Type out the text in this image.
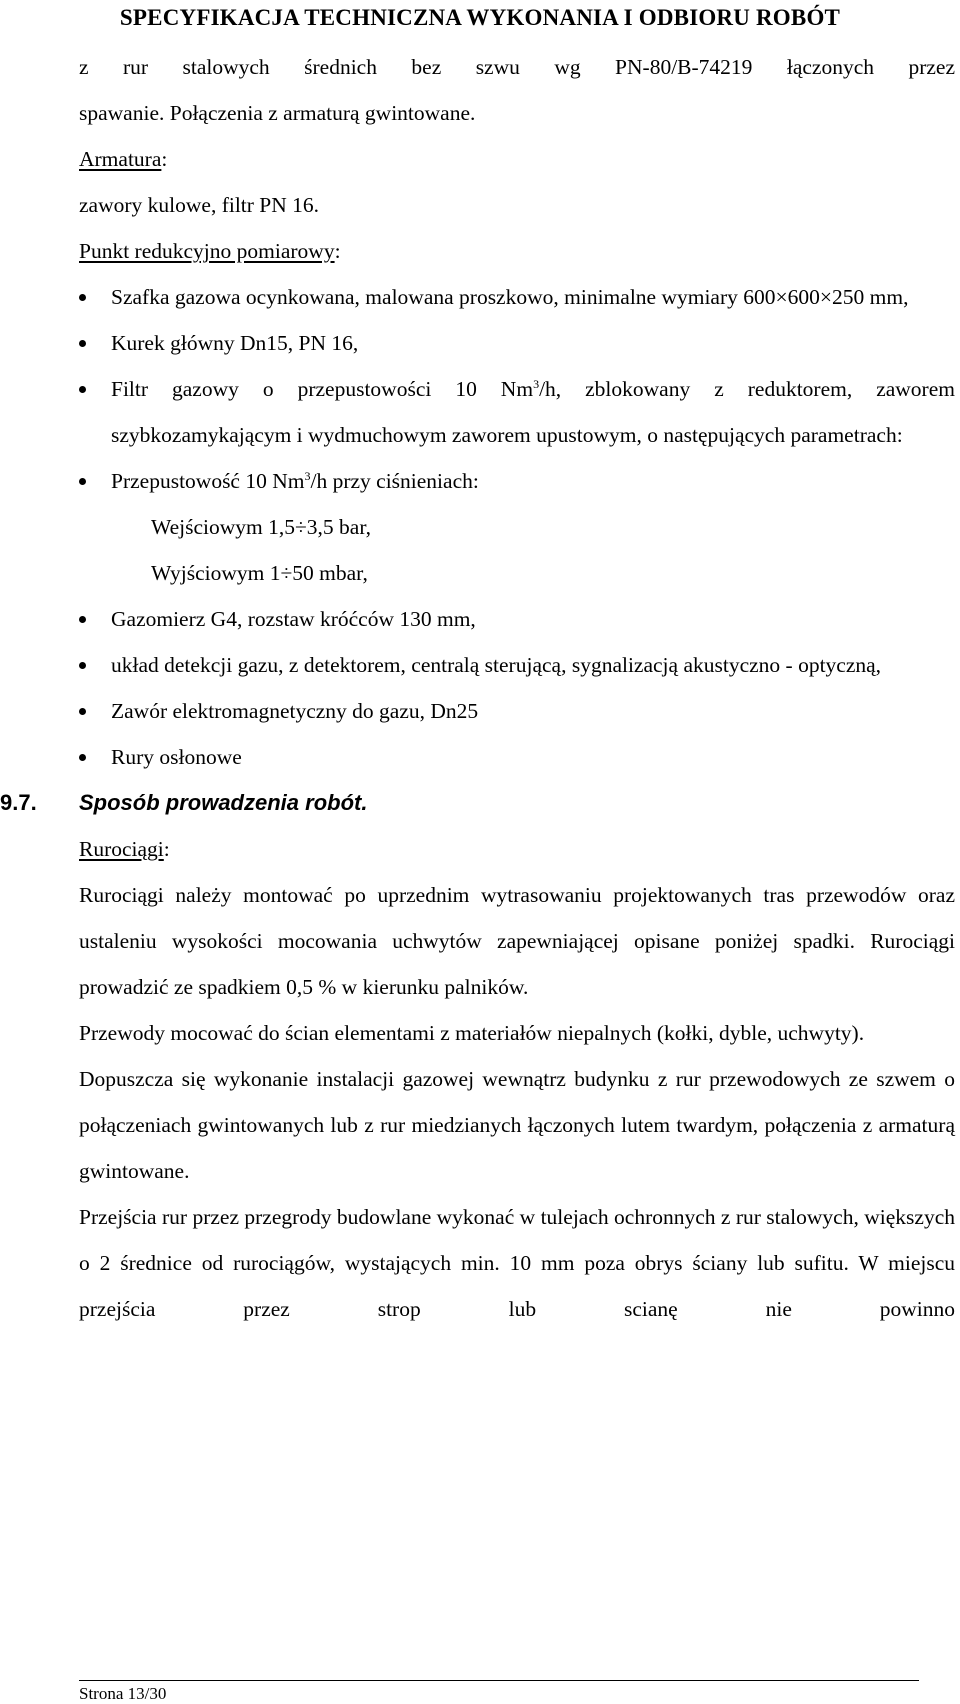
SPECYFIKACJA TECHNICZNA WYKONANIA I ODBIORU ROBÓT

z rur stalowych średnich bez szwu wg PN-80/B-74219 łączonych przez

spawanie. Połączenia z armaturą gwintowane.

Armatura:

zawory kulowe, filtr PN 16.

Punkt redukcyjno pomiarowy:

Szafka gazowa ocynkowana, malowana proszkowo, minimalne wymiary 600×600×250 mm,
Kurek główny Dn15, PN 16,
Filtr gazowy o przepustowości 10 Nm$^3$/h, zblokowany z reduktorem, zaworem szybkozamykającym i wydmuchowym zaworem upustowym, o następujących parametrach:
Przepustowość 10 Nm$^3$/h przy ciśnieniach:
Wejściowym 1,5÷3,5 bar,
Wyjściowym 1÷50 mbar,
Gazomierz G4, rozstaw króćców 130 mm,
układ detekcji gazu, z detektorem, centralą sterującą, sygnalizacją akustyczno - optyczną,
Zawór elektromagnetyczny do gazu, Dn25
Rury osłonowe
9.7. Sposób prowadzenia robót.

Rurociągi:

Rurociągi należy montować po uprzednim wytrasowaniu projektowanych tras przewodów oraz ustaleniu wysokości mocowania uchwytów zapewniającej opisane poniżej spadki. Rurociągi prowadzić ze spadkiem 0,5 % w kierunku palników.

Przewody mocować do ścian elementami z materiałów niepalnych (kołki, dyble, uchwyty).

Dopuszcza się wykonanie instalacji gazowej wewnątrz budynku z rur przewodowych ze szwem o połączeniach gwintowanych lub z rur miedzianych łączonych lutem twardym, połączenia z armaturą gwintowane.

Przejścia rur przez przegrody budowlane wykonać w tulejach ochronnych z rur stalowych, większych o 2 średnice od rurociągów, wystających min. 10 mm poza obrys ściany lub sufitu. W miejscu przejścia przez strop lub scianę nie powinno

Strona 13/30
